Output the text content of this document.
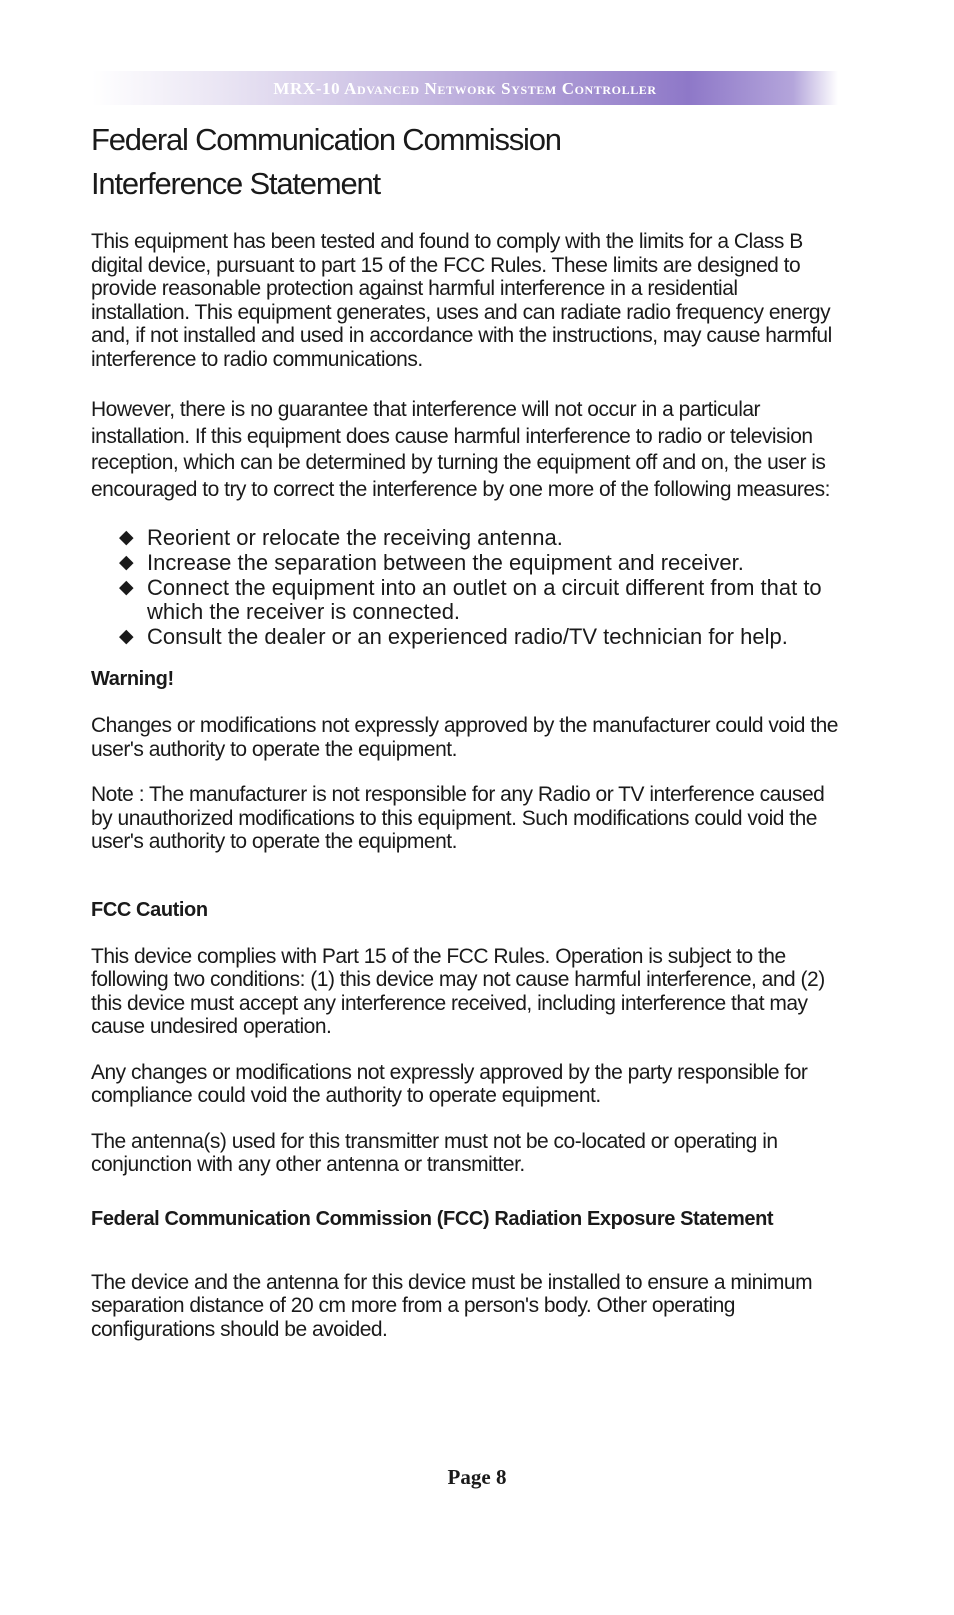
MRX-10 Advanced Network System Controller
Federal Communication Commission
Interference Statement

This equipment has been tested and found to comply with the limits for a Class B digital device, pursuant to part 15 of the FCC Rules. These limits are designed to provide reasonable protection against harmful interference in a residential installation. This equipment generates, uses and can radiate radio frequency energy and, if not installed and used in accordance with the instructions, may cause harmful interference to radio communications.

However, there is no guarantee that interference will not occur in a particular installation. If this equipment does cause harmful interference to radio or television reception, which can be determined by turning the equipment off and on, the user is encouraged to try to correct the interference by one more of the following measures:

◆ Reorient or relocate the receiving antenna.
◆ Increase the separation between the equipment and receiver.
◆ Connect the equipment into an outlet on a circuit different from that to which the receiver is connected.
◆ Consult the dealer or an experienced radio/TV technician for help.
Warning!

Changes or modifications not expressly approved by the manufacturer could void the user's authority to operate the equipment.

Note : The manufacturer is not responsible for any Radio or TV interference caused by unauthorized modifications to this equipment. Such modifications could void the user's authority to operate the equipment.

FCC Caution

This device complies with Part 15 of the FCC Rules. Operation is subject to the following two conditions: (1) this device may not cause harmful interference, and (2) this device must accept any interference received, including interference that may cause undesired operation.

Any changes or modifications not expressly approved by the party responsible for compliance could void the authority to operate equipment.

The antenna(s) used for this transmitter must not be co-located or operating in conjunction with any other antenna or transmitter.

Federal Communication Commission (FCC) Radiation Exposure Statement

The device and the antenna for this device must be installed to ensure a minimum separation distance of 20 cm more from a person's body. Other operating configurations should be avoided.

Page 8
